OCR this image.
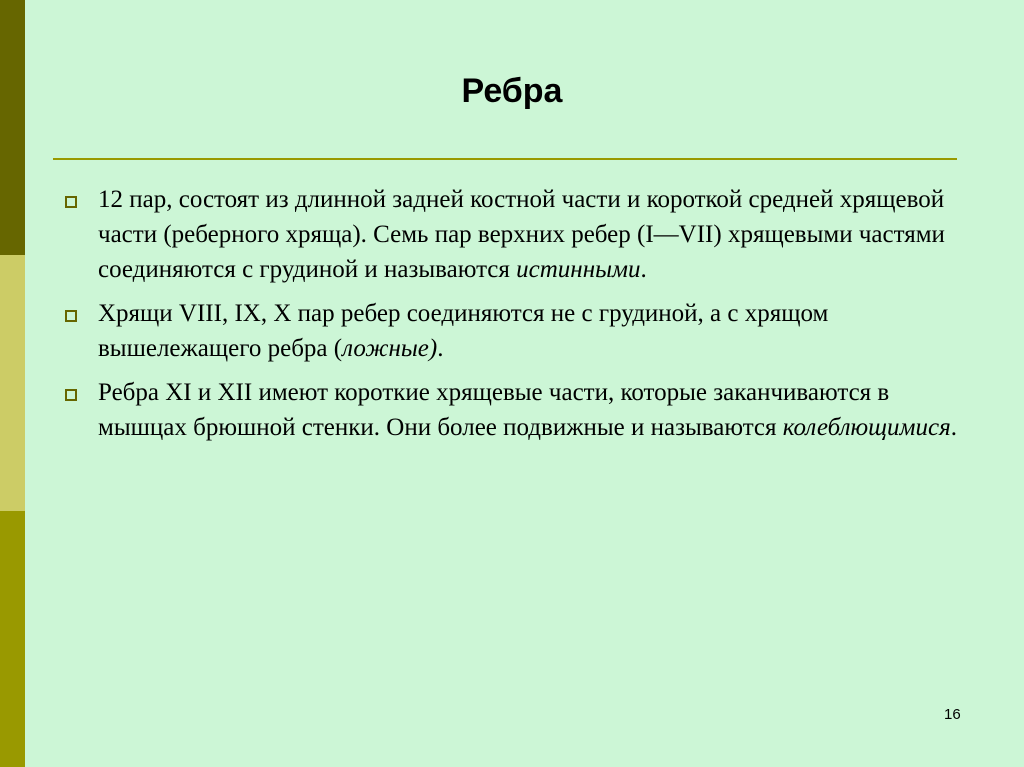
Ребра
12 пар, состоят из длинной задней костной части и короткой средней хрящевой части (реберного хряща). Семь пар верхних ребер (I—VII) хрящевыми частями соединяются с грудиной и называются истинными.
Хрящи VIII, IX, X пар ребер соединяются не с грудиной, а с хрящом вышележащего ребра (ложные).
Ребра XI и XII имеют короткие хрящевые части, которые заканчиваются в мышцах брюшной стенки. Они более подвижные и называются колеблющимися.
16
